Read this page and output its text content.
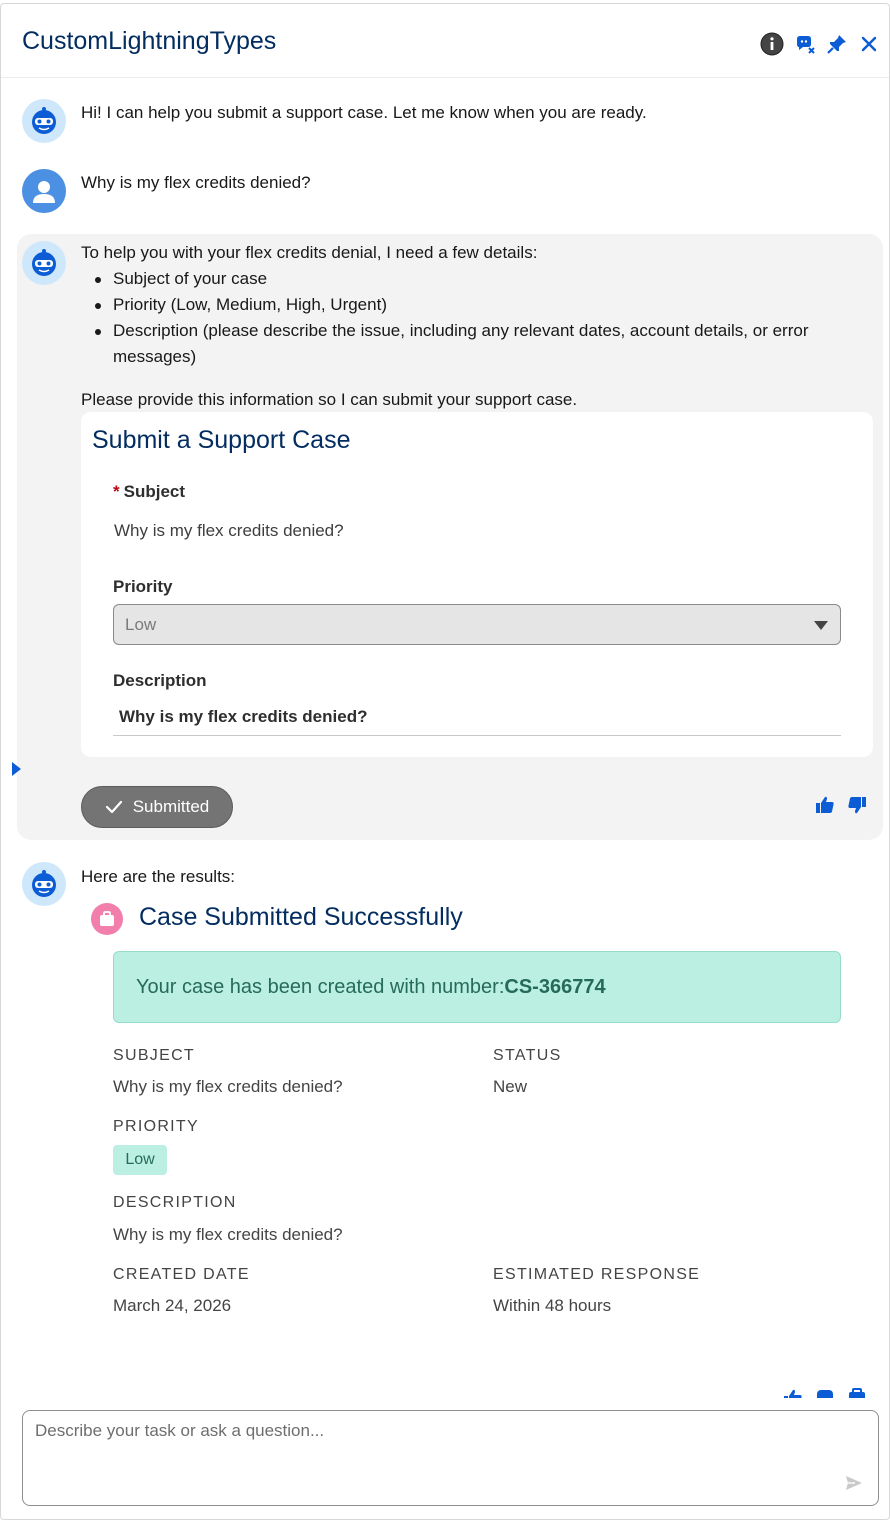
CustomLightningTypes
Hi! I can help you submit a support case. Let me know when you are ready.
Why is my flex credits denied?
To help you with your flex credits denial, I need a few details:
Subject of your case
Priority (Low, Medium, High, Urgent)
Description (please describe the issue, including any relevant dates, account details, or error
messages)
Please provide this information so I can submit your support case.
Submit a Support Case
* Subject
Why is my flex credits denied?
Priority
Low
Description
Why is my flex credits denied?
Submitted
Here are the results:
Case Submitted Successfully
Your case has been created with number:CS-366774
SUBJECT
Why is my flex credits denied?
STATUS
New
PRIORITY
Low
DESCRIPTION
Why is my flex credits denied?
CREATED DATE
March 24, 2026
ESTIMATED RESPONSE
Within 48 hours
Describe your task or ask a question...
